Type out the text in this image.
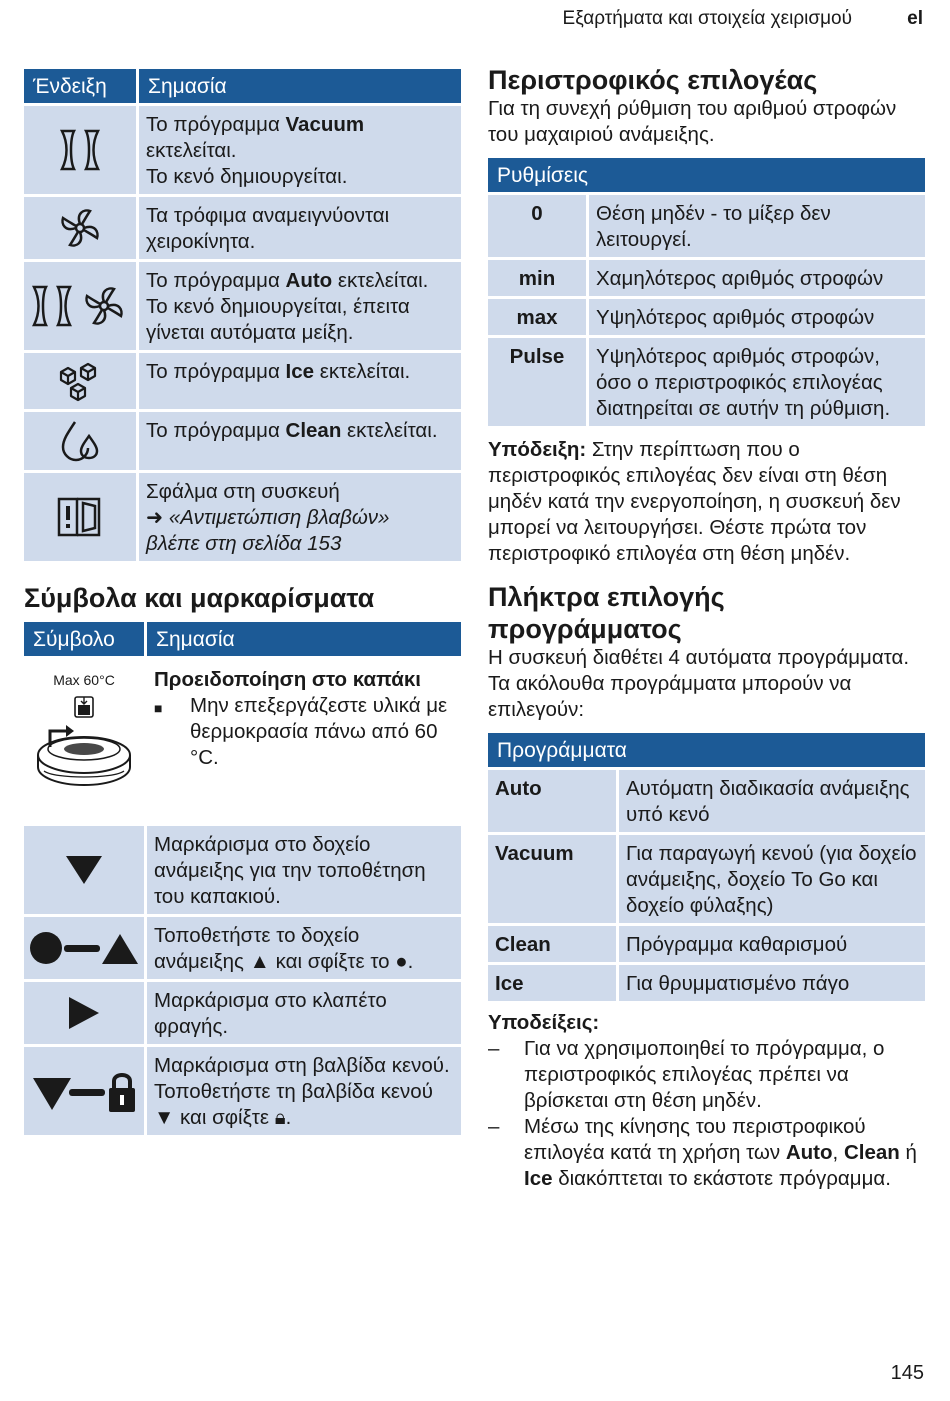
Εξαρτήματα και στοιχεία χειρισμού	el
Ένδειξη	Σημασία

	Το πρόγραμμα Vacuum εκτελείται.
Το κενό δημιουργείται.

	Τα τρόφιμα αναμειγνύονται χειροκίνητα.

	Το πρόγραμμα Auto εκτελείται.
Το κενό δημιουργείται, έπειτα γίνεται αυτόματα μείξη.

	Το πρόγραμμα Ice εκτελείται.

	Το πρόγραμμα Clean εκτελείται.

	Σφάλμα στη συσκευή
➜ «Αντιμετώπιση βλαβών»
βλέπε στη σελίδα 153
Σύμβολα και μαρκαρίσματα
Σύμβολο	Σημασία

Max 60°C	Προειδοποίηση στο καπάκι
■ Μην επεξεργάζεστε υλικά με θερμοκρασία πάνω από 60 °C.

	Μαρκάρισμα στο δοχείο ανάμειξης για την τοποθέτηση του καπακιού.

	Τοποθετήστε το δοχείο ανάμειξης ▲ και σφίξτε το ●.

	Μαρκάρισμα στο κλαπέτο φραγής.

	Μαρκάρισμα στη βαλβίδα κενού. Τοποθετήστε τη βαλβίδα κενού ▼ και σφίξτε 🔒︎.
Περιστροφικός επιλογέας
Για τη συνεχή ρύθμιση του αριθμού στροφών του μαχαιριού ανάμειξης.
Ρυθμίσεις	
0	Θέση μηδέν - το μίξερ δεν λειτουργεί.
min	Χαμηλότερος αριθμός στροφών
max	Υψηλότερος αριθμός στροφών
Pulse	Υψηλότερος αριθμός στροφών, όσο ο περιστροφικός επιλογέας διατηρείται σε αυτήν τη ρύθμιση.
Υπόδειξη: Στην περίπτωση που ο περιστροφικός επιλογέας δεν είναι στη θέση μηδέν κατά την ενεργοποίηση, η συσκευή δεν μπορεί να λειτουργήσει. Θέστε πρώτα τον περιστροφικό επιλογέα στη θέση μηδέν.
Πλήκτρα επιλογής προγράμματος
Η συσκευή διαθέτει 4 αυτόματα προγράμματα. Τα ακόλουθα προγράμματα μπορούν να επιλεγούν:
Προγράμματα	
Auto	Αυτόματη διαδικασία ανάμειξης υπό κενό
Vacuum	Για παραγωγή κενού (για δοχείο ανάμειξης, δοχείο To Go και δοχείο φύλαξης)
Clean	Πρόγραμμα καθαρισμού
Ice	Για θρυμματισμένο πάγο
Υποδείξεις:
–	Για να χρησιμοποιηθεί το πρόγραμμα, ο περιστροφικός επιλογέας πρέπει να βρίσκεται στη θέση μηδέν.
–	Μέσω της κίνησης του περιστροφικού επιλογέα κατά τη χρήση των Auto, Clean ή Ice διακόπτεται το εκάστοτε πρόγραμμα.
145
